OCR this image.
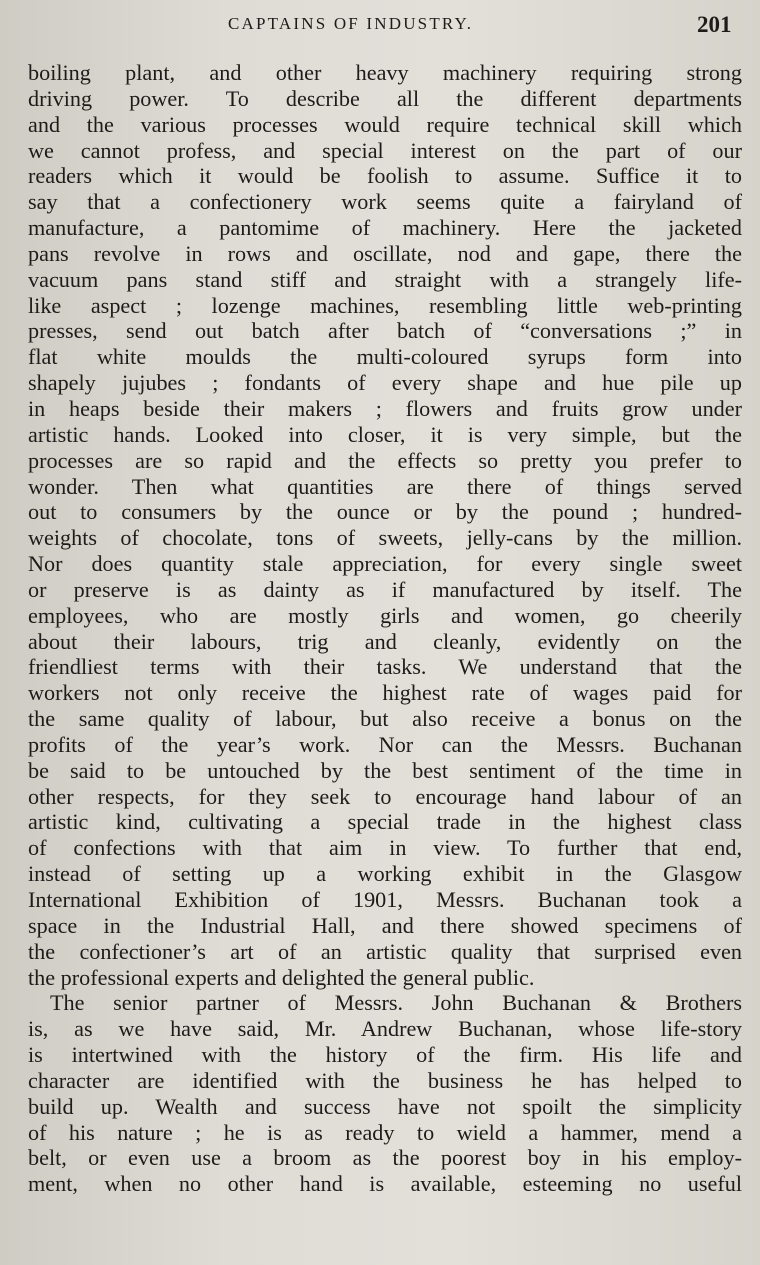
CAPTAINS OF INDUSTRY.	201
boiling plant, and other heavy machinery requiring strong
driving power. To describe all the different departments
and the various processes would require technical skill which
we cannot profess, and special interest on the part of our
readers which it would be foolish to assume. Suffice it to
say that a confectionery work seems quite a fairyland of
manufacture, a pantomime of machinery. Here the jacketed
pans revolve in rows and oscillate, nod and gape, there the
vacuum pans stand stiff and straight with a strangely life-
like aspect ; lozenge machines, resembling little web-printing
presses, send out batch after batch of “conversations ;” in
flat white moulds the multi-coloured syrups form into
shapely jujubes ; fondants of every shape and hue pile up
in heaps beside their makers ; flowers and fruits grow under
artistic hands. Looked into closer, it is very simple, but the
processes are so rapid and the effects so pretty you prefer to
wonder. Then what quantities are there of things served
out to consumers by the ounce or by the pound ; hundred-
weights of chocolate, tons of sweets, jelly-cans by the million.
Nor does quantity stale appreciation, for every single sweet
or preserve is as dainty as if manufactured by itself. The
employees, who are mostly girls and women, go cheerily
about their labours, trig and cleanly, evidently on the
friendliest terms with their tasks. We understand that the
workers not only receive the highest rate of wages paid for
the same quality of labour, but also receive a bonus on the
profits of the year’s work. Nor can the Messrs. Buchanan
be said to be untouched by the best sentiment of the time in
other respects, for they seek to encourage hand labour of an
artistic kind, cultivating a special trade in the highest class
of confections with that aim in view. To further that end,
instead of setting up a working exhibit in the Glasgow
International Exhibition of 1901, Messrs. Buchanan took a
space in the Industrial Hall, and there showed specimens of
the confectioner’s art of an artistic quality that surprised even
the professional experts and delighted the general public.
The senior partner of Messrs. John Buchanan & Brothers
is, as we have said, Mr. Andrew Buchanan, whose life-story
is intertwined with the history of the firm. His life and
character are identified with the business he has helped to
build up. Wealth and success have not spoilt the simplicity
of his nature ; he is as ready to wield a hammer, mend a
belt, or even use a broom as the poorest boy in his employ-
ment, when no other hand is available, esteeming no useful
